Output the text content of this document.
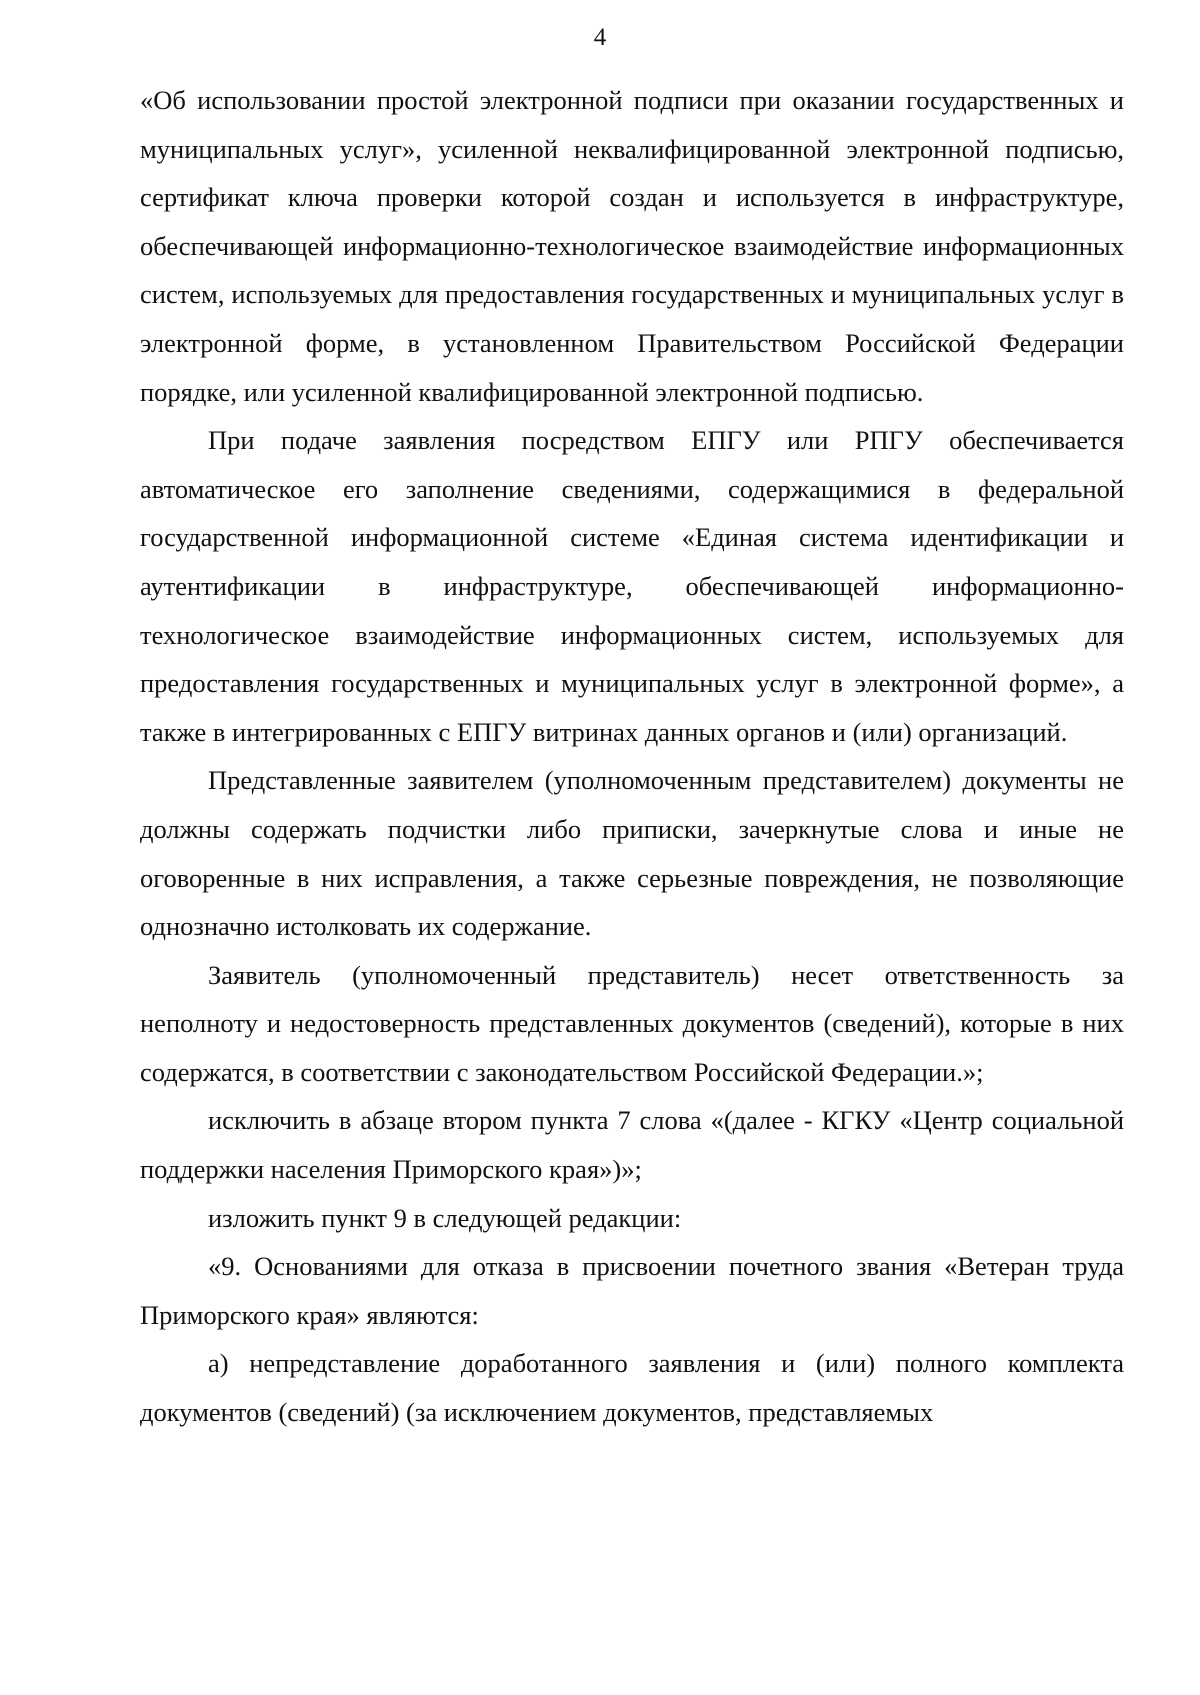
4

«Об использовании простой электронной подписи при оказании государственных и муниципальных услуг», усиленной неквалифицированной электронной подписью, сертификат ключа проверки которой создан и используется в инфраструктуре, обеспечивающей информационно-технологическое взаимодействие информационных систем, используемых для предоставления государственных и муниципальных услуг в электронной форме, в установленном Правительством Российской Федерации порядке, или усиленной квалифицированной электронной подписью.

При подаче заявления посредством ЕПГУ или РПГУ обеспечивается автоматическое его заполнение сведениями, содержащимися в федеральной государственной информационной системе «Единая система идентификации и аутентификации в инфраструктуре, обеспечивающей информационно-технологическое взаимодействие информационных систем, используемых для предоставления государственных и муниципальных услуг в электронной форме», а также в интегрированных с ЕПГУ витринах данных органов и (или) организаций.

Представленные заявителем (уполномоченным представителем) документы не должны содержать подчистки либо приписки, зачеркнутые слова и иные не оговоренные в них исправления, а также серьезные повреждения, не позволяющие однозначно истолковать их содержание.

Заявитель (уполномоченный представитель) несет ответственность за неполноту и недостоверность представленных документов (сведений), которые в них содержатся, в соответствии с законодательством Российской Федерации.»;

исключить в абзаце втором пункта 7 слова «(далее - КГКУ «Центр социальной поддержки населения Приморского края»)»;

изложить пункт 9 в следующей редакции:

«9. Основаниями для отказа в присвоении почетного звания «Ветеран труда Приморского края» являются:

а) непредставление доработанного заявления и (или) полного комплекта документов (сведений) (за исключением документов, представляемых
